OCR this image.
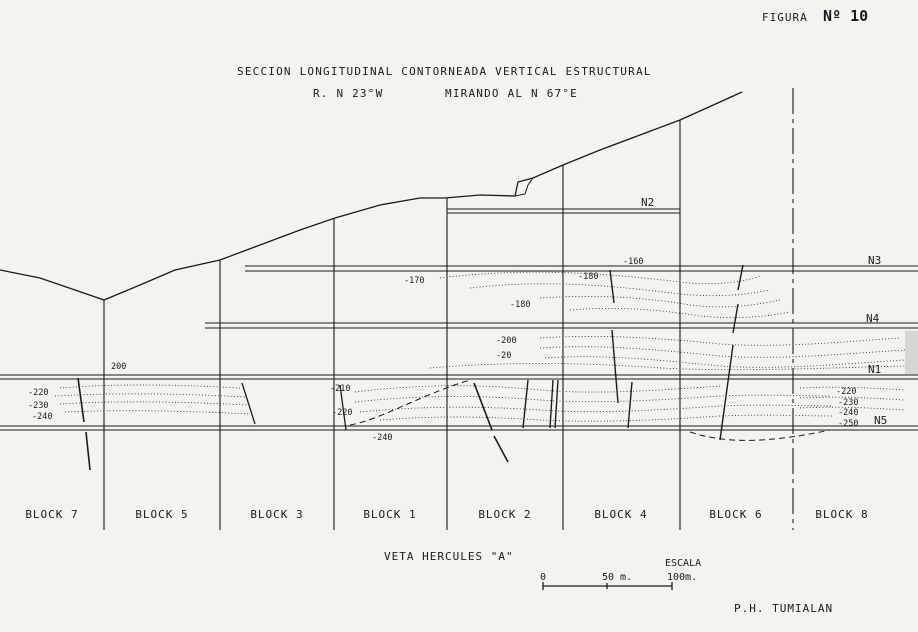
FIGURA Nº 10
SECCION LONGITUDINAL CONTORNEADA VERTICAL ESTRUCTURAL
R. N 23°W	MIRANDO AL N 67°E
N2
N3
N4
N1
N5
-160
-180
-170
-180
-200
-20
200
-220
-230
-240
-210
-220
-240
-220
-230
-240
-250
BLOCK 7	BLOCK 5	BLOCK 3	BLOCK 1	BLOCK 2	BLOCK 4	BLOCK 6	BLOCK 8
VETA HERCULES "A"
ESCALA
0	50 m.	100m.
P.H. TUMIALAN
